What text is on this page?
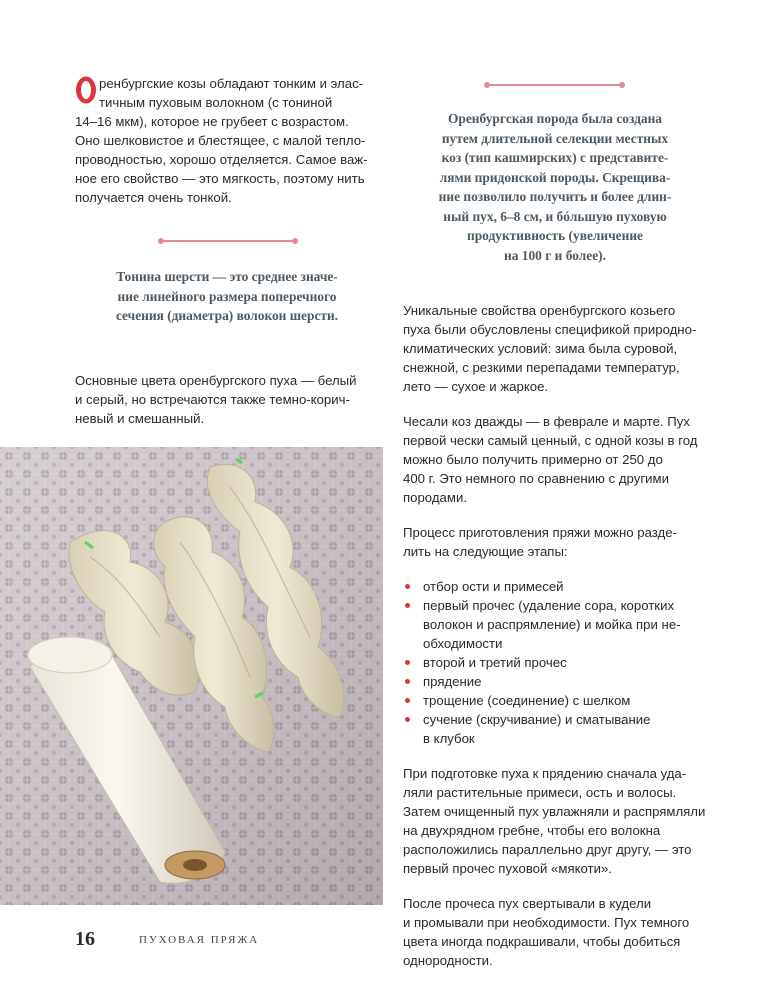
О
ренбургские козы обладают тонким и элас-
тичным пуховым волокном (с тониной
14–16 мкм), которое не грубеет с возрастом.
Оно шелковистое и блестящее, с малой тепло-
проводностью, хорошо отделяется. Самое важ-
ное его свойство — это мягкость, поэтому нить
получается очень тонкой.
Оренбургская порода была создана
путем длительной селекции местных
коз (тип кашмирских) с представите-
лями придонской породы. Скрещива-
ние позволило получить и более длин-
ный пух, 6–8 см, и бóльшую пуховую
продуктивность (увеличение
на 100 г и более).
Тонина шерсти — это среднее значе-
ние линейного размера поперечного
сечения (диаметра) волокон шерсти.
Основные цвета оренбургского пуха — белый
и серый, но встречаются также темно-корич-
невый и смешанный.
Уникальные свойства оренбургского козьего
пуха были обусловлены спецификой природно-
климатических условий: зима была суровой,
снежной, с резкими перепадами температур,
лето — сухое и жаркое.
Чесали коз дважды — в феврале и марте. Пух
первой чески самый ценный, с одной козы в год
можно было получить примерно от 250 до
400 г. Это немного по сравнению с другими
породами.
Процесс приготовления пряжи можно разде-
лить на следующие этапы:
отбор ости и примесей
первый прочес (удаление сора, коротких
волокон и распрямление) и мойка при не-
обходимости
второй и третий прочес
прядение
трощение (соединение) с шелком
сучение (скручивание) и сматывание
в клубок
При подготовке пуха к прядению сначала уда-
ляли растительные примеси, ость и волосы.
Затем очищенный пух увлажняли и распрямляли
на двухрядном гребне, чтобы его волокна
расположились параллельно друг другу, — это
первый прочес пуховой «мякоти».
После прочеса пух свертывали в кудели
и промывали при необходимости. Пух темного
цвета иногда подкрашивали, чтобы добиться
однородности.
16	ПУХОВАЯ ПРЯЖА
